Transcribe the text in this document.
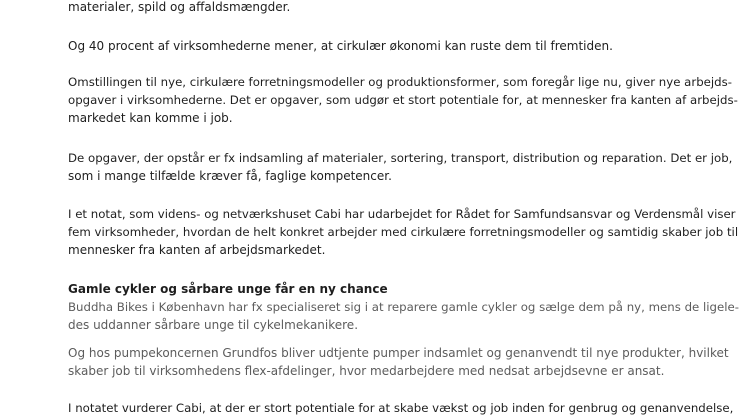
materialer, spild og affaldsmængder.

Og 40 procent af virksomhederne mener, at cirkulær økonomi kan ruste dem til fremtiden.

Omstillingen til nye, cirkulære forretningsmodeller og produktionsformer, som foregår lige nu, giver nye arbejds-
opgaver i virksomhederne. Det er opgaver, som udgør et stort potentiale for, at mennesker fra kanten af arbejds-
markedet kan komme i job.

De opgaver, der opstår er fx indsamling af materialer, sortering, transport, distribution og reparation. Det er job,
som i mange tilfælde kræver få, faglige kompetencer.

I et notat, som videns- og netværkshuset Cabi har udarbejdet for Rådet for Samfundsansvar og Verdensmål viser
fem virksomheder, hvordan de helt konkret arbejder med cirkulære forretningsmodeller og samtidig skaber job til
mennesker fra kanten af arbejdsmarkedet.

Gamle cykler og sårbare unge får en ny chance
Buddha Bikes i København har fx specialiseret sig i at reparere gamle cykler og sælge dem på ny, mens de ligele-
des uddanner sårbare unge til cykelmekanikere.

Og hos pumpekoncernen Grundfos bliver udtjente pumper indsamlet og genanvendt til nye produkter, hvilket
skaber job til virksomhedens flex-afdelinger, hvor medarbejdere med nedsat arbejdsevne er ansat.

I notatet vurderer Cabi, at der er stort potentiale for at skabe vækst og job inden for genbrug og genanvendelse,
